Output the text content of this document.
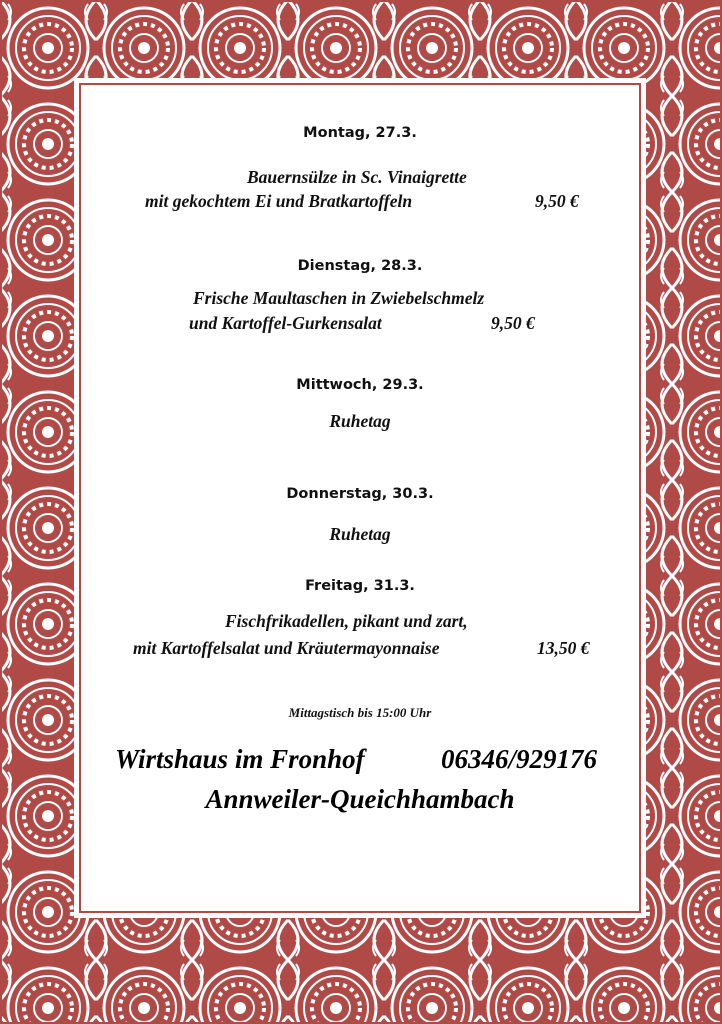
Montag, 27.3.
Bauernsülze in Sc. Vinaigrette
mit gekochtem Ei und Bratkartoffeln	9,50 €
Dienstag, 28.3.
Frische Maultaschen in Zwiebelschmelz
und Kartoffel-Gurkensalat	9,50 €
Mittwoch, 29.3.
Ruhetag
Donnerstag, 30.3.
Ruhetag
Freitag, 31.3.
Fischfrikadellen, pikant und zart,
mit Kartoffelsalat und Kräutermayonnaise	13,50 €
Mittagstisch bis 15:00 Uhr
Wirtshaus im Fronhof	06346/929176
Annweiler-Queichhambach
